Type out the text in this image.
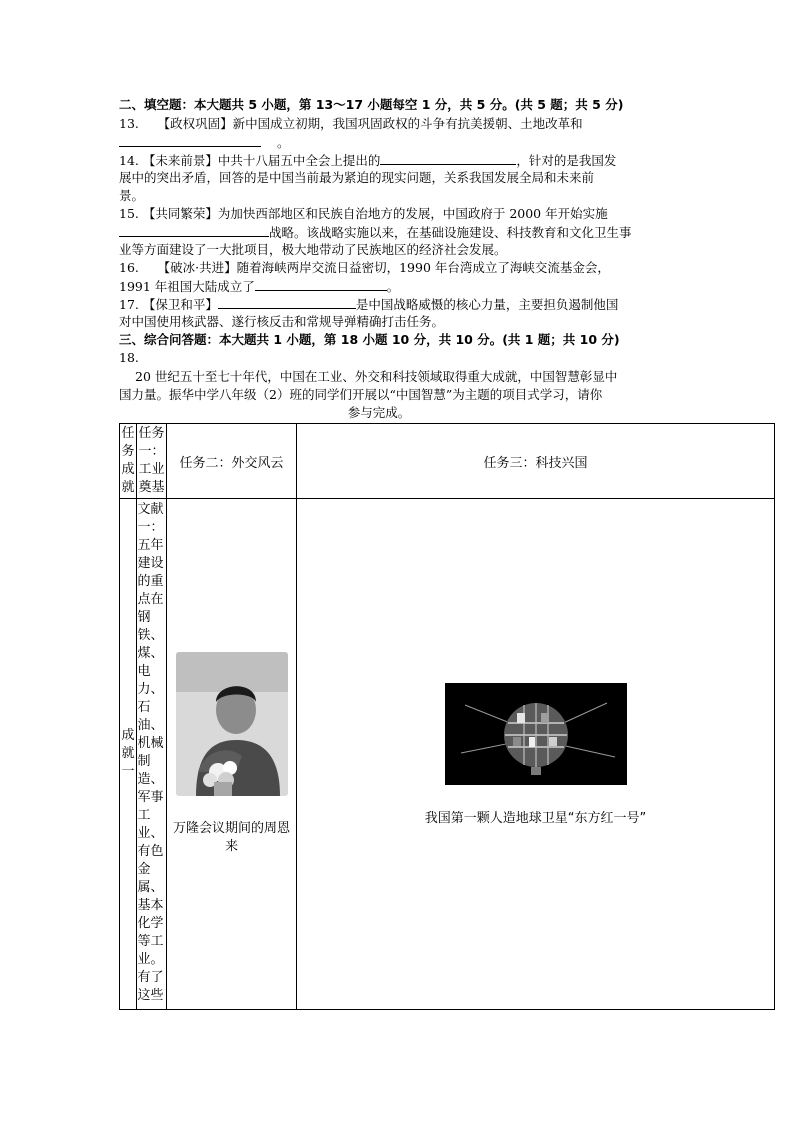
二、填空题：本大题共 5 小题，第 13～17 小题每空 1 分，共 5 分。(共 5 题；共 5 分)
13.　　【政权巩固】新中国成立初期，我国巩固政权的斗争有抗美援朝、土地改革和
。
14. 【未来前景】中共十八届五中全会上提出的	，针对的是我国发
展中的突出矛盾，回答的是中国当前最为紧迫的现实问题，关系我国发展全局和未来前
景。
15. 【共同繁荣】为加快西部地区和民族自治地方的发展，中国政府于 2000 年开始实施
战略。该战略实施以来，在基础设施建设、科技教育和文化卫生事
业等方面建设了一大批项目，极大地带动了民族地区的经济社会发展。
16.　　【破冰·共进】随着海峡两岸交流日益密切，1990 年台湾成立了海峡交流基金会，
1991 年祖国大陆成立了	。
17. 【保卫和平】	是中国战略威慑的核心力量，主要担负遏制他国
对中国使用核武器、遂行核反击和常规导弹精确打击任务。
三、综合问答题：本大题共 1 小题，第 18 小题 10 分，共 10 分。(共 1 题；共 10 分)
18.
20 世纪五十至七十年代，中国在工业、外交和科技领域取得重大成就，中国智慧彰显中
国力量。振华中学八年级（2）班的同学们开展以“中国智慧”为主题的项目式学习，请你
参与完成。
任务成就	任务一：工业奠基	任务二：外交风云	任务三：科技兴国

成就一	文献一：五年建设的重点在钢铁、煤、电力、石油、机械制造、军事工业、有色金属、基本化学等工业。有了这些	万隆会议期间的周恩来	我国第一颗人造地球卫星“东方红一号”
